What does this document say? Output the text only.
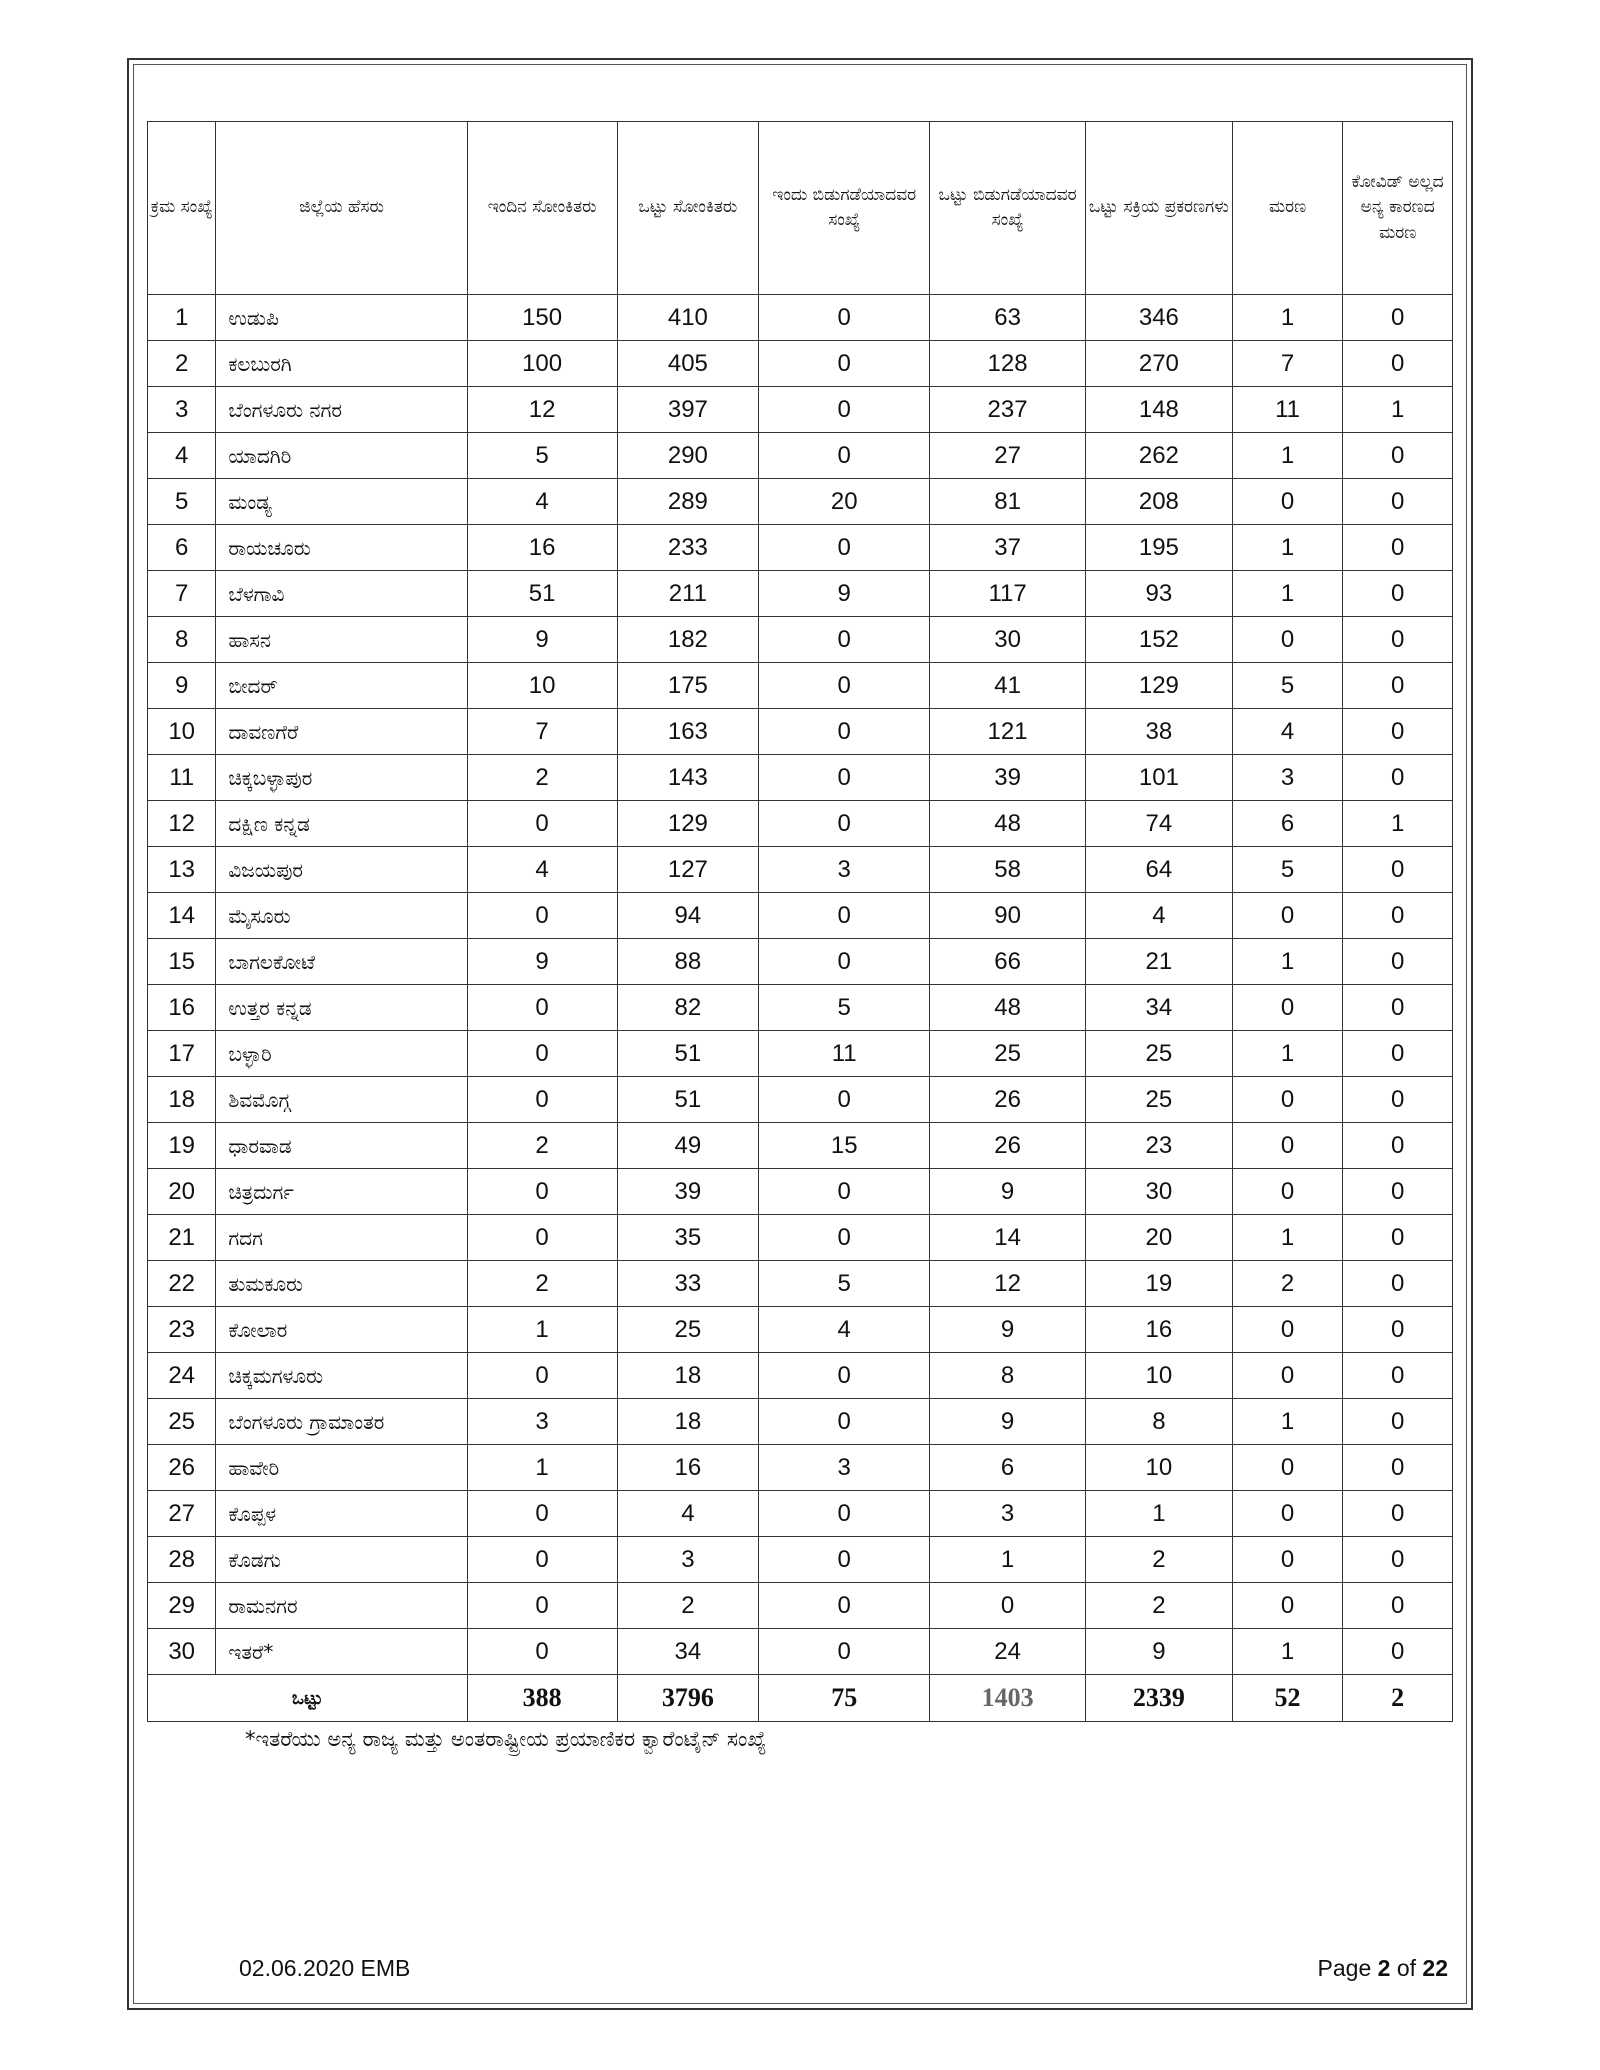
ಕ್ರಮ ಸಂಖ್ಯೆ	ಜಿಲ್ಲೆಯ ಹೆಸರು	ಇಂದಿನ ಸೋಂಕಿತರು	ಒಟ್ಟು ಸೋಂಕಿತರು	ಇಂದು ಬಿಡುಗಡೆಯಾದವರ ಸಂಖ್ಯೆ	ಒಟ್ಟು ಬಿಡುಗಡೆಯಾದವರ ಸಂಖ್ಯೆ	ಒಟ್ಟು ಸಕ್ರಿಯ ಪ್ರಕರಣಗಳು	ಮರಣ	ಕೋವಿಡ್ ಅಲ್ಲದ ಅನ್ಯ ಕಾರಣದ ಮರಣ
1	ಉಡುಪಿ	150	410	0	63	346	1	0
2	ಕಲಬುರಗಿ	100	405	0	128	270	7	0
3	ಬೆಂಗಳೂರು ನಗರ	12	397	0	237	148	11	1
4	ಯಾದಗಿರಿ	5	290	0	27	262	1	0
5	ಮಂಡ್ಯ	4	289	20	81	208	0	0
6	ರಾಯಚೂರು	16	233	0	37	195	1	0
7	ಬೆಳಗಾವಿ	51	211	9	117	93	1	0
8	ಹಾಸನ	9	182	0	30	152	0	0
9	ಬೀದರ್	10	175	0	41	129	5	0
10	ದಾವಣಗೆರೆ	7	163	0	121	38	4	0
11	ಚಿಕ್ಕಬಳ್ಳಾಪುರ	2	143	0	39	101	3	0
12	ದಕ್ಷಿಣ ಕನ್ನಡ	0	129	0	48	74	6	1
13	ವಿಜಯಪುರ	4	127	3	58	64	5	0
14	ಮೈಸೂರು	0	94	0	90	4	0	0
15	ಬಾಗಲಕೋಟೆ	9	88	0	66	21	1	0
16	ಉತ್ತರ ಕನ್ನಡ	0	82	5	48	34	0	0
17	ಬಳ್ಳಾರಿ	0	51	11	25	25	1	0
18	ಶಿವಮೊಗ್ಗ	0	51	0	26	25	0	0
19	ಧಾರವಾಡ	2	49	15	26	23	0	0
20	ಚಿತ್ರದುರ್ಗ	0	39	0	9	30	0	0
21	ಗದಗ	0	35	0	14	20	1	0
22	ತುಮಕೂರು	2	33	5	12	19	2	0
23	ಕೋಲಾರ	1	25	4	9	16	0	0
24	ಚಿಕ್ಕಮಗಳೂರು	0	18	0	8	10	0	0
25	ಬೆಂಗಳೂರು ಗ್ರಾಮಾಂತರ	3	18	0	9	8	1	0
26	ಹಾವೇರಿ	1	16	3	6	10	0	0
27	ಕೊಪ್ಪಳ	0	4	0	3	1	0	0
28	ಕೊಡಗು	0	3	0	1	2	0	0
29	ರಾಮನಗರ	0	2	0	0	2	0	0
30	ಇತರೆ*	0	34	0	24	9	1	0
ಒಟ್ಟು		388	3796	75	1403	2339	52	2
*ಇತರೆಯು ಅನ್ಯ ರಾಜ್ಯ ಮತ್ತು ಅಂತರಾಷ್ಟ್ರೀಯ ಪ್ರಯಾಣಿಕರ ಕ್ವಾರೆಂಟೈನ್ ಸಂಖ್ಯೆ
02.06.2020 EMB	Page 2 of 22
